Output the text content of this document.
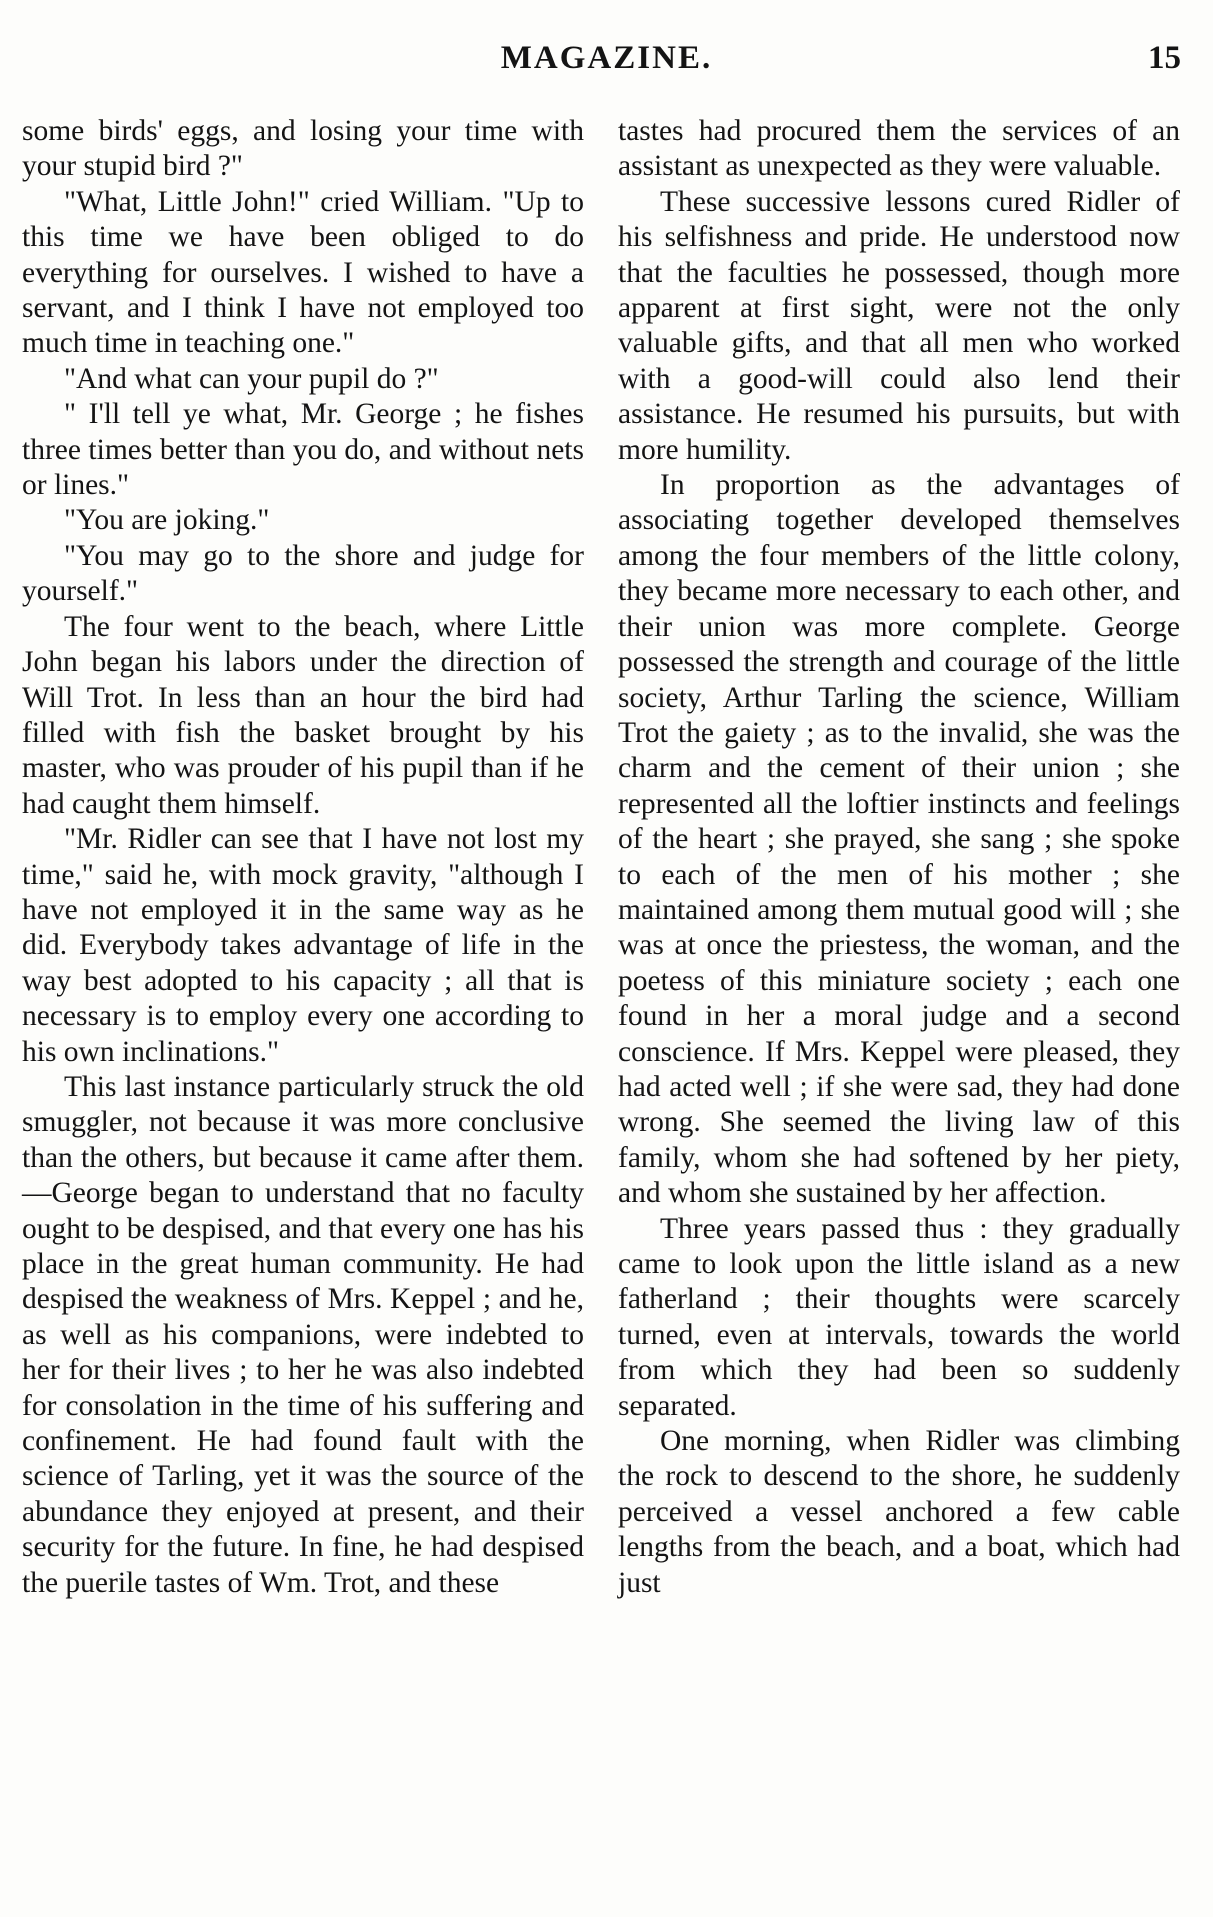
MAGAZINE.	15

some birds' eggs, and losing your time with your stupid bird ?"

"What, Little John!" cried William. "Up to this time we have been obliged to do everything for ourselves. I wished to have a servant, and I think I have not employed too much time in teaching one."

"And what can your pupil do ?"

" I'll tell ye what, Mr. George ; he fishes three times better than you do, and without nets or lines."

"You are joking."

"You may go to the shore and judge for yourself."

The four went to the beach, where Little John began his labors under the direction of Will Trot. In less than an hour the bird had filled with fish the basket brought by his master, who was prouder of his pupil than if he had caught them himself.

"Mr. Ridler can see that I have not lost my time," said he, with mock gravity, "although I have not employed it in the same way as he did. Everybody takes advantage of life in the way best adopted to his capacity ; all that is necessary is to employ every one according to his own inclinations."

This last instance particularly struck the old smuggler, not because it was more conclusive than the others, but because it came after them.—George began to understand that no faculty ought to be despised, and that every one has his place in the great human community. He had despised the weakness of Mrs. Keppel ; and he, as well as his companions, were indebted to her for their lives ; to her he was also indebted for consolation in the time of his suffering and confinement. He had found fault with the science of Tarling, yet it was the source of the abundance they enjoyed at present, and their security for the future. In fine, he had despised the puerile tastes of Wm. Trot, and these

tastes had procured them the services of an assistant as unexpected as they were valuable.

These successive lessons cured Ridler of his selfishness and pride. He understood now that the faculties he possessed, though more apparent at first sight, were not the only valuable gifts, and that all men who worked with a good-will could also lend their assistance. He resumed his pursuits, but with more humility.

In proportion as the advantages of associating together developed themselves among the four members of the little colony, they became more necessary to each other, and their union was more complete. George possessed the strength and courage of the little society, Arthur Tarling the science, William Trot the gaiety ; as to the invalid, she was the charm and the cement of their union ; she represented all the loftier instincts and feelings of the heart ; she prayed, she sang ; she spoke to each of the men of his mother ; she maintained among them mutual good will ; she was at once the priestess, the woman, and the poetess of this miniature society ; each one found in her a moral judge and a second conscience. If Mrs. Keppel were pleased, they had acted well ; if she were sad, they had done wrong. She seemed the living law of this family, whom she had softened by her piety, and whom she sustained by her affection.

Three years passed thus : they gradually came to look upon the little island as a new fatherland ; their thoughts were scarcely turned, even at intervals, towards the world from which they had been so suddenly separated.

One morning, when Ridler was climbing the rock to descend to the shore, he suddenly perceived a vessel anchored a few cable lengths from the beach, and a boat, which had just
